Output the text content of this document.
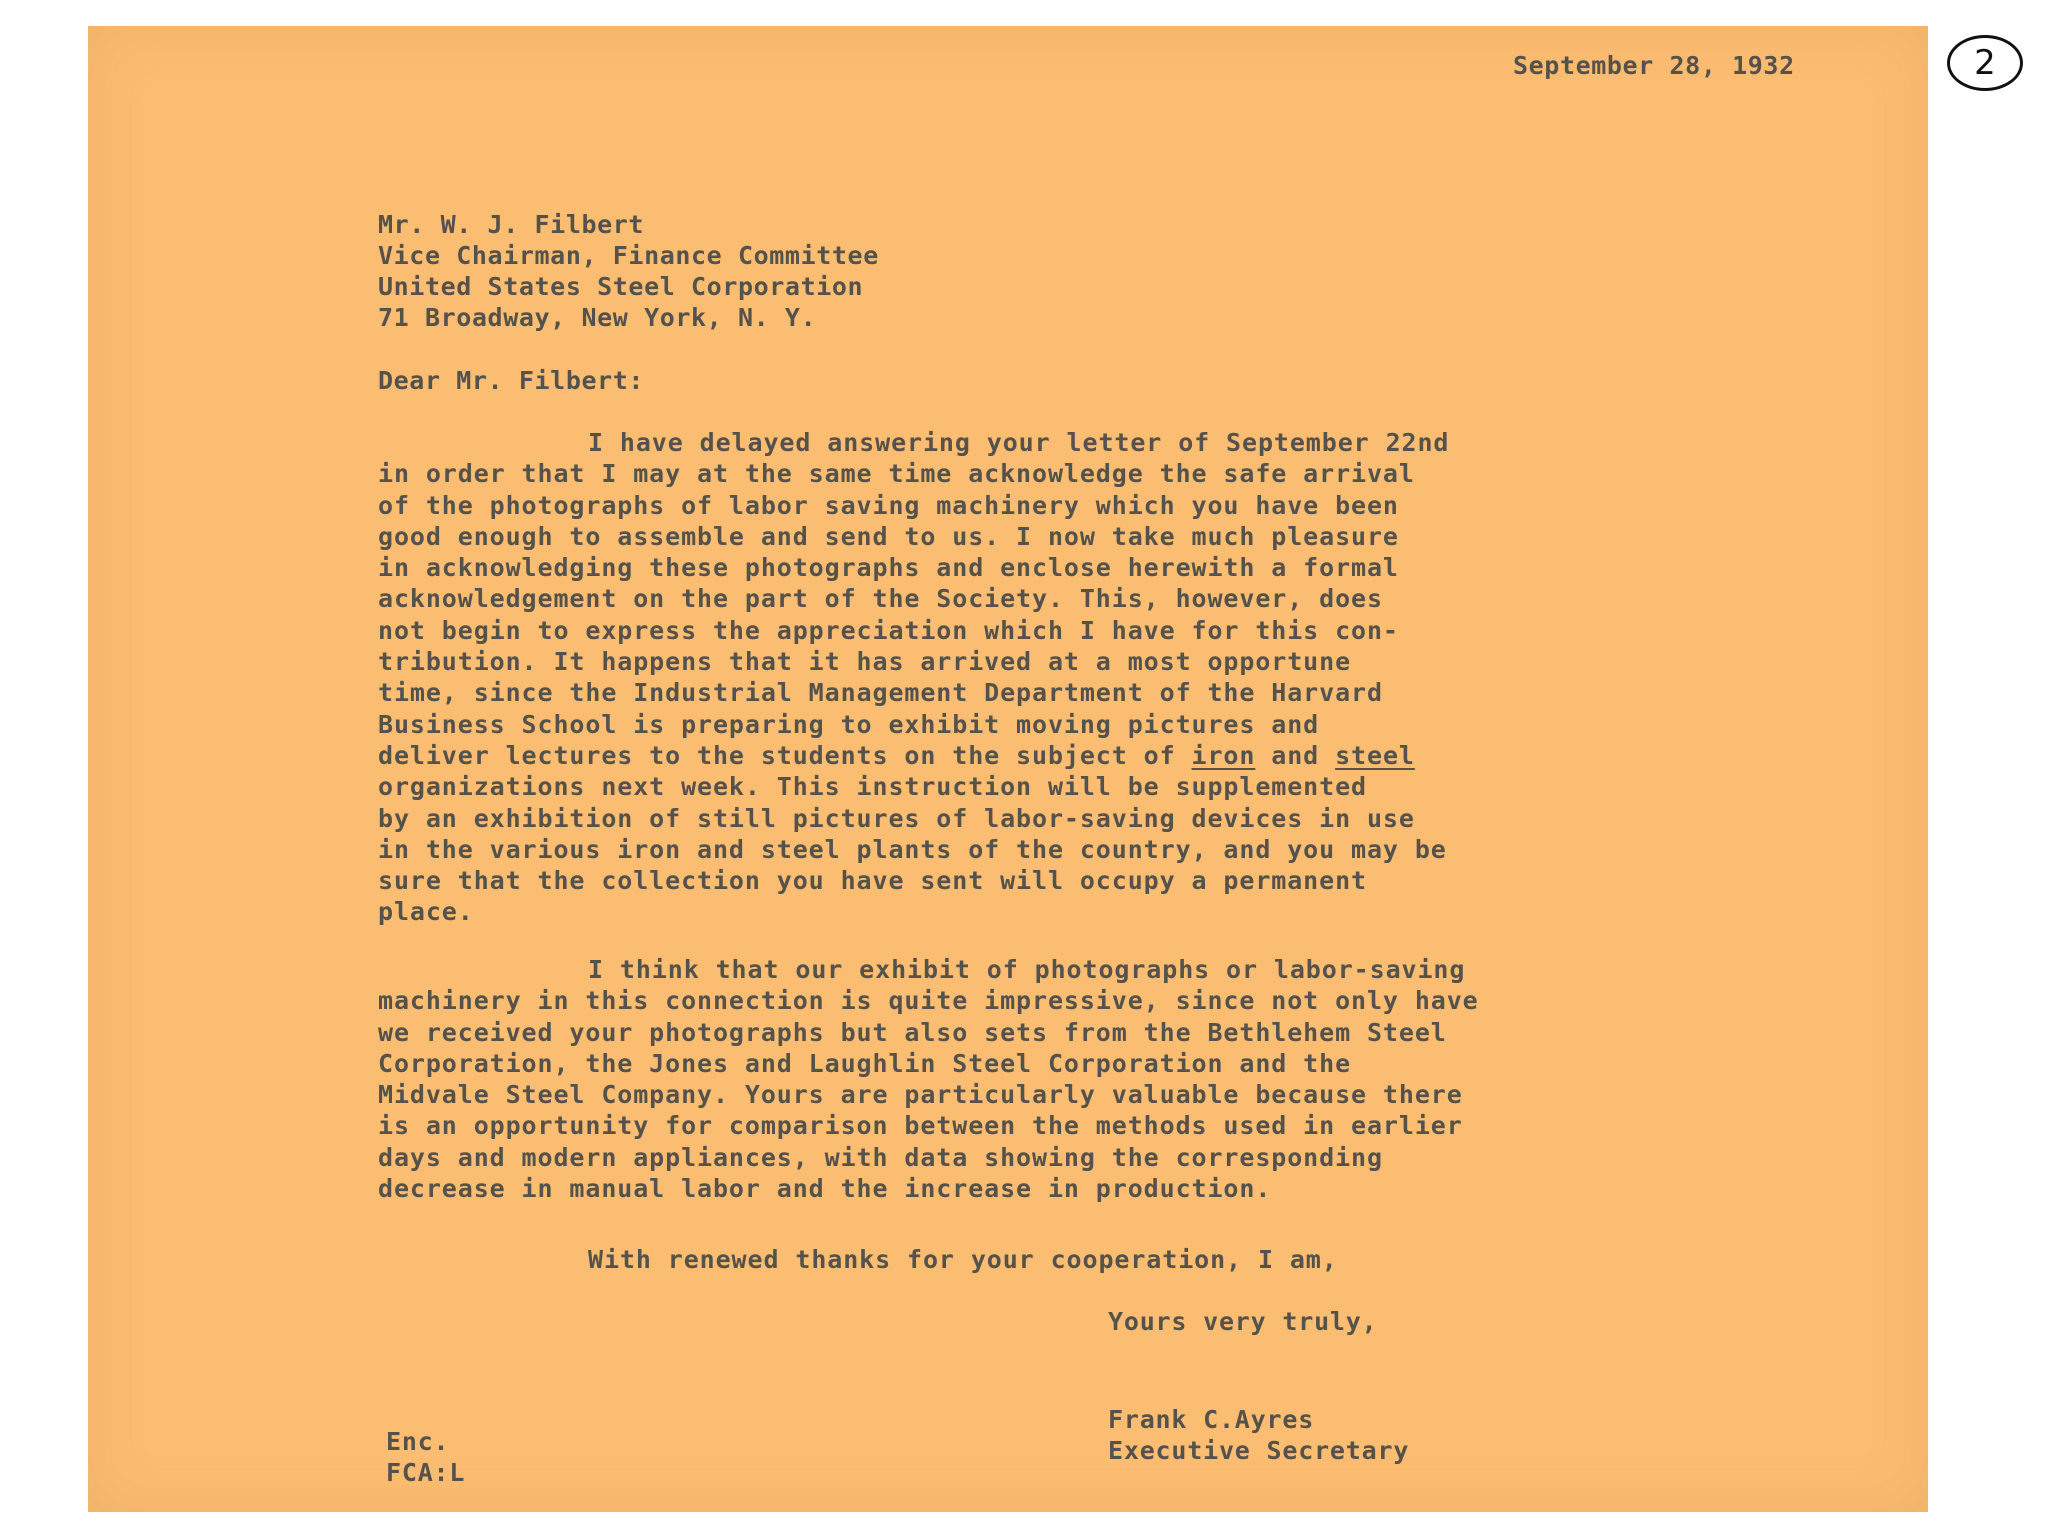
2
September 28, 1932
Mr. W. J. Filbert
Vice Chairman, Finance Committee
United States Steel Corporation
71 Broadway, New York, N. Y.
Dear Mr. Filbert:
I have delayed answering your letter of September 22nd
in order that I may at the same time acknowledge the safe arrival
of the photographs of labor saving machinery which you have been
good enough to assemble and send to us. I now take much pleasure
in acknowledging these photographs and enclose herewith a formal
acknowledgement on the part of the Society. This, however, does
not begin to express the appreciation which I have for this con-
tribution. It happens that it has arrived at a most opportune
time, since the Industrial Management Department of the Harvard
Business School is preparing to exhibit moving pictures and
deliver lectures to the students on the subject of iron and steel
organizations next week. This instruction will be supplemented
by an exhibition of still pictures of labor-saving devices in use
in the various iron and steel plants of the country, and you may be
sure that the collection you have sent will occupy a permanent
place.
I think that our exhibit of photographs or labor-saving
machinery in this connection is quite impressive, since not only have
we received your photographs but also sets from the Bethlehem Steel
Corporation, the Jones and Laughlin Steel Corporation and the
Midvale Steel Company. Yours are particularly valuable because there
is an opportunity for comparison between the methods used in earlier
days and modern appliances, with data showing the corresponding
decrease in manual labor and the increase in production.
With renewed thanks for your cooperation, I am,
Yours very truly,
Frank C.Ayres
Executive Secretary
Enc.
FCA:L
